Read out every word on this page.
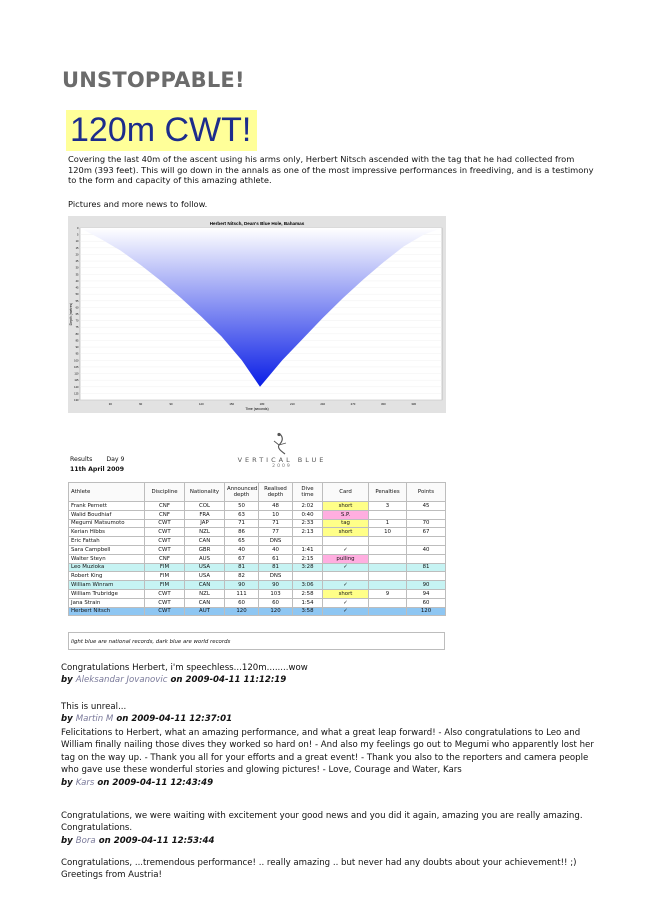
UNSTOPPABLE!
120m CWT!

Covering the last 40m of the ascent using his arms only, Herbert Nitsch ascended with the tag that he had collected from 120m (393 feet). This will go down in the annals as one of the most impressive performances in freediving, and is a testimony to the form and capacity of this amazing athlete.

Pictures and more news to follow.

0
5
10
15
20
25
30
35
40
45
50
55
60
65
70
75
80
85
90
95
100
105
110
115
120
125
130
30	60	90	120	150	180	210	240	270	300	330
Herbert Nitsch, Dean's Blue Hole, Bahamas
Time (seconds)
Depth (metres)
Results Day 9
11th April 2009
VERTICAL BLUE
2009
Athlete	Discipline	Nationality	Announced depth	Realised depth	Dive time	Card	Penalties	Points
Frank Pernett	CNF	COL	50	48	2:02	short	3	45
Walid Boudhiaf	CNF	FRA	63	10	0:40	S.P.		
Megumi Matsumoto	CWT	JAP	71	71	2:33	tag	1	70
Kerian Hibbs	CWT	NZL	86	77	2:13	short	10	67
Eric Fattah	CWT	CAN	65	DNS				
Sara Campbell	CWT	GBR	40	40	1:41	✓		40
Walter Steyn	CNF	AUS	67	61	2:15	pulling		
Leo Muzioka	FIM	USA	81	81	3:28	✓		81
Robert King	FIM	USA	82	DNS				
William Winram	FIM	CAN	90	90	3:06	✓		90
William Trubridge	CWT	NZL	111	103	2:58	short	9	94
Jana Strain	CWT	CAN	60	60	1:54	✓		60
Herbert Nitsch	CWT	AUT	120	120	3:58	✓		120
light blue are national records, dark blue are world records
Congratulations Herbert, i'm speechless...120m........wow
by Aleksandar Jovanovic on 2009-04-11 11:12:19
This is unreal...
by Martin M on 2009-04-11 12:37:01
Felicitations to Herbert, what an amazing performance, and what a great leap forward! - Also congratulations to Leo and William finally nailing those dives they worked so hard on! - And also my feelings go out to Megumi who apparently lost her tag on the way up. - Thank you all for your efforts and a great event! - Thank you also to the reporters and camera people who gave use these wonderful stories and glowing pictures! - Love, Courage and Water, Kars
by Kars on 2009-04-11 12:43:49
Congratulations, we were waiting with excitement your good news and you did it again, amazing you are really amazing. Congratulations.
by Bora on 2009-04-11 12:53:44
Congratulations, ...tremendous performance! .. really amazing .. but never had any doubts about your achievement!! ;) Greetings from Austria!
